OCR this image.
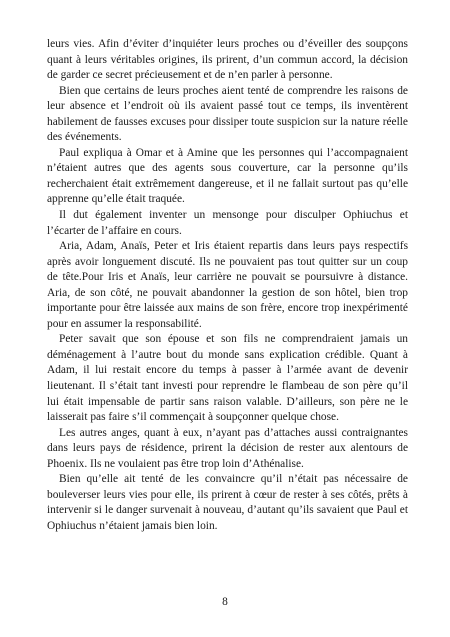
leurs vies. Afin d’éviter d’inquiéter leurs proches ou d’éveiller des soupçons quant à leurs véritables origines, ils prirent, d’un commun accord, la décision de garder ce secret précieusement et de n’en parler à personne.

Bien que certains de leurs proches aient tenté de comprendre les raisons de leur absence et l’endroit où ils avaient passé tout ce temps, ils inventèrent habilement de fausses excuses pour dissiper toute suspicion sur la nature réelle des événements.

Paul expliqua à Omar et à Amine que les personnes qui l’accompagnaient n’étaient autres que des agents sous couverture, car la personne qu’ils recherchaient était extrêmement dangereuse, et il ne fallait surtout pas qu’elle apprenne qu’elle était traquée.

Il dut également inventer un mensonge pour disculper Ophiuchus et l’écarter de l’affaire en cours.

Aria, Adam, Anaïs, Peter et Iris étaient repartis dans leurs pays respectifs après avoir longuement discuté. Ils ne pouvaient pas tout quitter sur un coup de tête.Pour Iris et Anaïs, leur carrière ne pouvait se poursuivre à distance. Aria, de son côté, ne pouvait abandonner la gestion de son hôtel, bien trop importante pour être laissée aux mains de son frère, encore trop inexpérimenté pour en assumer la responsabilité.

Peter savait que son épouse et son fils ne comprendraient jamais un déménagement à l’autre bout du monde sans explication crédible. Quant à Adam, il lui restait encore du temps à passer à l’armée avant de devenir lieutenant. Il s’était tant investi pour reprendre le flambeau de son père qu’il lui était impensable de partir sans raison valable. D’ailleurs, son père ne le laisserait pas faire s’il commençait à soupçonner quelque chose.

Les autres anges, quant à eux, n’ayant pas d’attaches aussi contraignantes dans leurs pays de résidence, prirent la décision de rester aux alentours de Phoenix. Ils ne voulaient pas être trop loin d’Athénalise.

Bien qu’elle ait tenté de les convaincre qu’il n’était pas nécessaire de bouleverser leurs vies pour elle, ils prirent à cœur de rester à ses côtés, prêts à intervenir si le danger survenait à nouveau, d’autant qu’ils savaient que Paul et Ophiuchus n’étaient jamais bien loin.

8
